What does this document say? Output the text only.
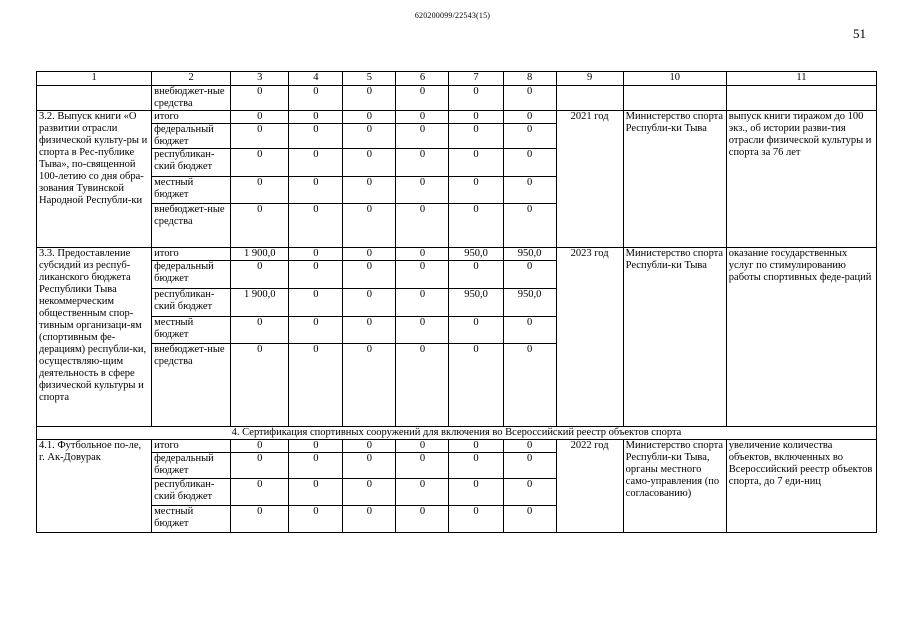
620200099/22543(15)
51
1	2	3	4	5	6	7	8	9	10	11
	внебюджет-ные средства	0	0	0	0	0	0			
3.2. Выпуск книги «О развитии отрасли физической культу-ры и спорта в Рес-публике Тыва», по-священной 100-летию со дня обра-зования Тувинской Народной Республи-ки	итого	0	0	0	0	0	0	2021 год	Министерство спорта Республи-ки Тыва	выпуск книги тиражом до 100 экз., об истории разви-тия отрасли физической культуры и спорта за 76 лет
	федеральный бюджет	0	0	0	0	0	0			
	республикан-ский бюджет	0	0	0	0	0	0			
	местный бюджет	0	0	0	0	0	0			
	внебюджет-ные средства	0	0	0	0	0	0			
3.3. Предоставление субсидий из респуб-ликанского бюджета Республики Тыва некоммерческим общественным спор-тивным организаци-ям (спортивным фе-дерациям) республи-ки, осуществляю-щим деятельность в сфере физической культуры и спорта	итого	1 900,0	0	0	0	950,0	950,0	2023 год	Министерство спорта Республи-ки Тыва	оказание государственных услуг по стимулированию работы спортивных феде-раций
	федеральный бюджет	0	0	0	0	0	0			
	республикан-ский бюджет	1 900,0	0	0	0	950,0	950,0			
	местный бюджет	0	0	0	0	0	0			
	внебюджет-ные средства	0	0	0	0	0	0			
4. Сертификация спортивных сооружений для включения во Всероссийский реестр объектов спорта										
4.1. Футбольное по-ле, г. Ак-Довурак	итого	0	0	0	0	0	0	2022 год	Министерство спорта Республи-ки Тыва, органы местного само-управления (по согласованию)	увеличение количества объектов, включенных во Всероссийский реестр объектов спорта, до 7 еди-ниц
	федеральный бюджет	0	0	0	0	0	0			
	республикан-ский бюджет	0	0	0	0	0	0			
	местный бюджет	0	0	0	0	0	0			
